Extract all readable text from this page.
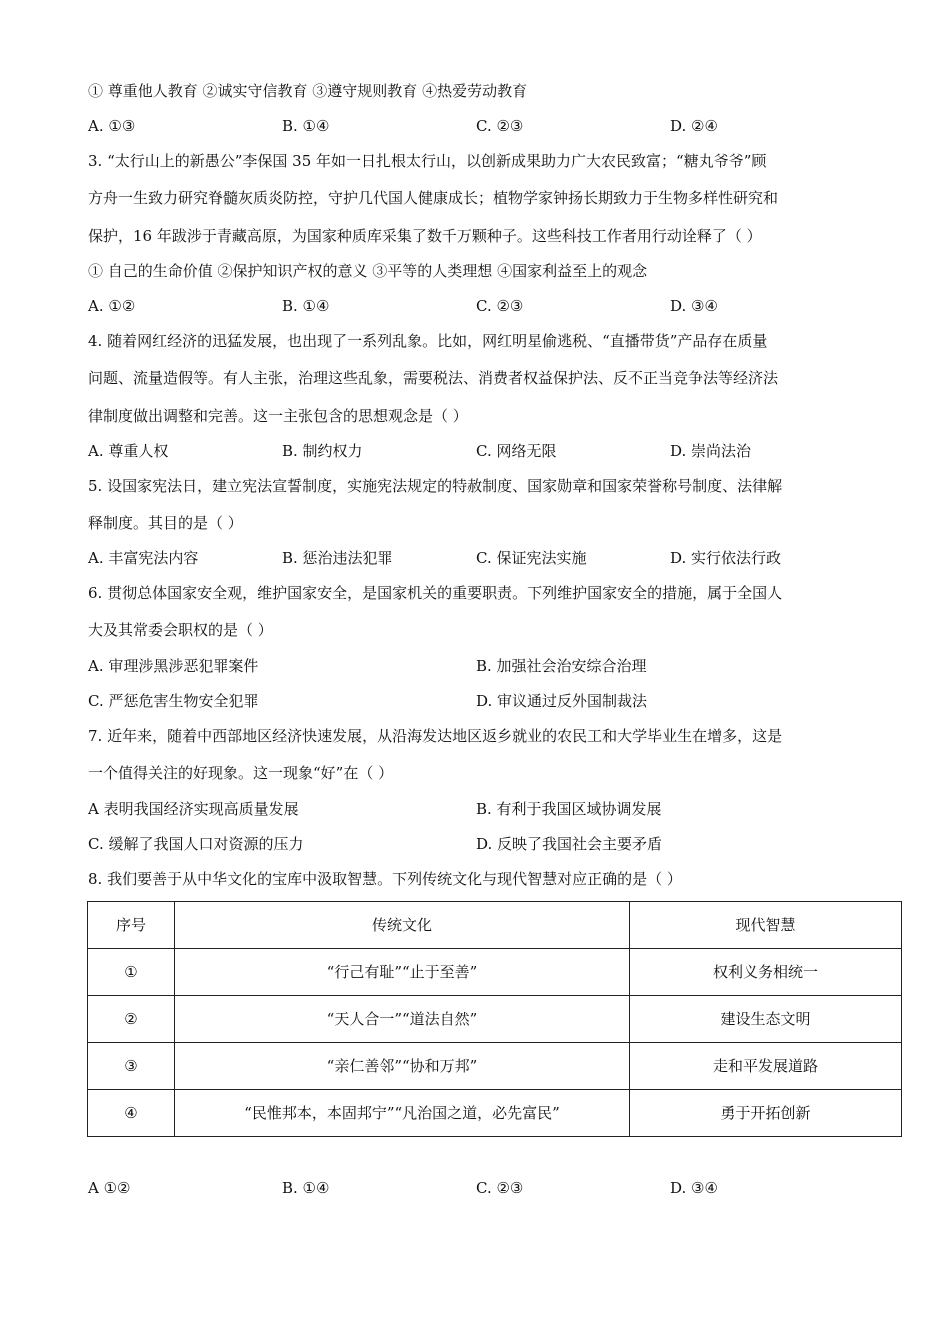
① 尊重他人教育 ②诚实守信教育 ③遵守规则教育 ④热爱劳动教育
A. ①③	B. ①④	C. ②③	D. ②④
3. “太行山上的新愚公”李保国 35 年如一日扎根太行山，以创新成果助力广大农民致富；“糖丸爷爷”顾
方舟一生致力研究脊髓灰质炎防控，守护几代国人健康成长；植物学家钟扬长期致力于生物多样性研究和
保护，16 年跋涉于青藏高原，为国家种质库采集了数千万颗种子。这些科技工作者用行动诠释了（ ）
① 自己的生命价值 ②保护知识产权的意义 ③平等的人类理想 ④国家利益至上的观念
A. ①②	B. ①④	C. ②③	D. ③④
4. 随着网红经济的迅猛发展，也出现了一系列乱象。比如，网红明星偷逃税、“直播带货”产品存在质量
问题、流量造假等。有人主张，治理这些乱象，需要税法、消费者权益保护法、反不正当竞争法等经济法
律制度做出调整和完善。这一主张包含的思想观念是（ ）
A. 尊重人权	B. 制约权力	C. 网络无限	D. 崇尚法治
5. 设国家宪法日，建立宪法宣誓制度，实施宪法规定的特赦制度、国家勋章和国家荣誉称号制度、法律解
释制度。其目的是（ ）
A. 丰富宪法内容	B. 惩治违法犯罪	C. 保证宪法实施	D. 实行依法行政
6. 贯彻总体国家安全观，维护国家安全，是国家机关的重要职责。下列维护国家安全的措施，属于全国人
大及其常委会职权的是（ ）
A. 审理涉黑涉恶犯罪案件	B. 加强社会治安综合治理
C. 严惩危害生物安全犯罪	D. 审议通过反外国制裁法
7. 近年来，随着中西部地区经济快速发展，从沿海发达地区返乡就业的农民工和大学毕业生在增多，这是
一个值得关注的好现象。这一现象“好”在（ ）
A 表明我国经济实现高质量发展	B. 有利于我国区域协调发展
C. 缓解了我国人口对资源的压力	D. 反映了我国社会主要矛盾
8. 我们要善于从中华文化的宝库中汲取智慧。下列传统文化与现代智慧对应正确的是（ ）
序号	传统文化	现代智慧
①	“行己有耻”“止于至善”	权利义务相统一
②	“天人合一”“道法自然”	建设生态文明
③	“亲仁善邻”“协和万邦”	走和平发展道路
④	“民惟邦本，本固邦宁”“凡治国之道，必先富民”	勇于开拓创新
A ①②	B. ①④	C. ②③	D. ③④
